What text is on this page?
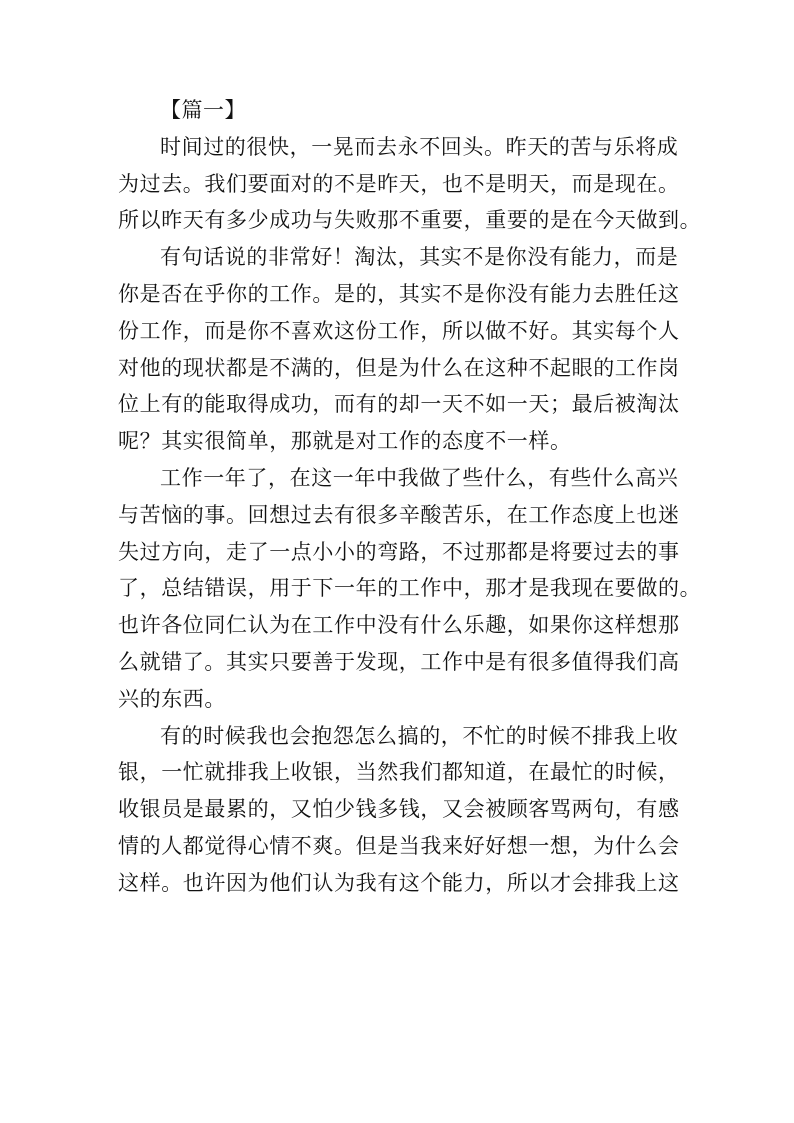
【篇一】
时间过的很快，一晃而去永不回头。昨天的苦与乐将成
为过去。我们要面对的不是昨天，也不是明天，而是现在。
所以昨天有多少成功与失败那不重要，重要的是在今天做到。
有句话说的非常好！淘汰，其实不是你没有能力，而是
你是否在乎你的工作。是的，其实不是你没有能力去胜任这
份工作，而是你不喜欢这份工作，所以做不好。其实每个人
对他的现状都是不满的，但是为什么在这种不起眼的工作岗
位上有的能取得成功，而有的却一天不如一天；最后被淘汰
呢？其实很简单，那就是对工作的态度不一样。
工作一年了，在这一年中我做了些什么，有些什么高兴
与苦恼的事。回想过去有很多辛酸苦乐，在工作态度上也迷
失过方向，走了一点小小的弯路，不过那都是将要过去的事
了，总结错误，用于下一年的工作中，那才是我现在要做的。
也许各位同仁认为在工作中没有什么乐趣，如果你这样想那
么就错了。其实只要善于发现，工作中是有很多值得我们高
兴的东西。
有的时候我也会抱怨怎么搞的，不忙的时候不排我上收
银，一忙就排我上收银，当然我们都知道，在最忙的时候，
收银员是最累的，又怕少钱多钱，又会被顾客骂两句，有感
情的人都觉得心情不爽。但是当我来好好想一想，为什么会
这样。也许因为他们认为我有这个能力，所以才会排我上这
